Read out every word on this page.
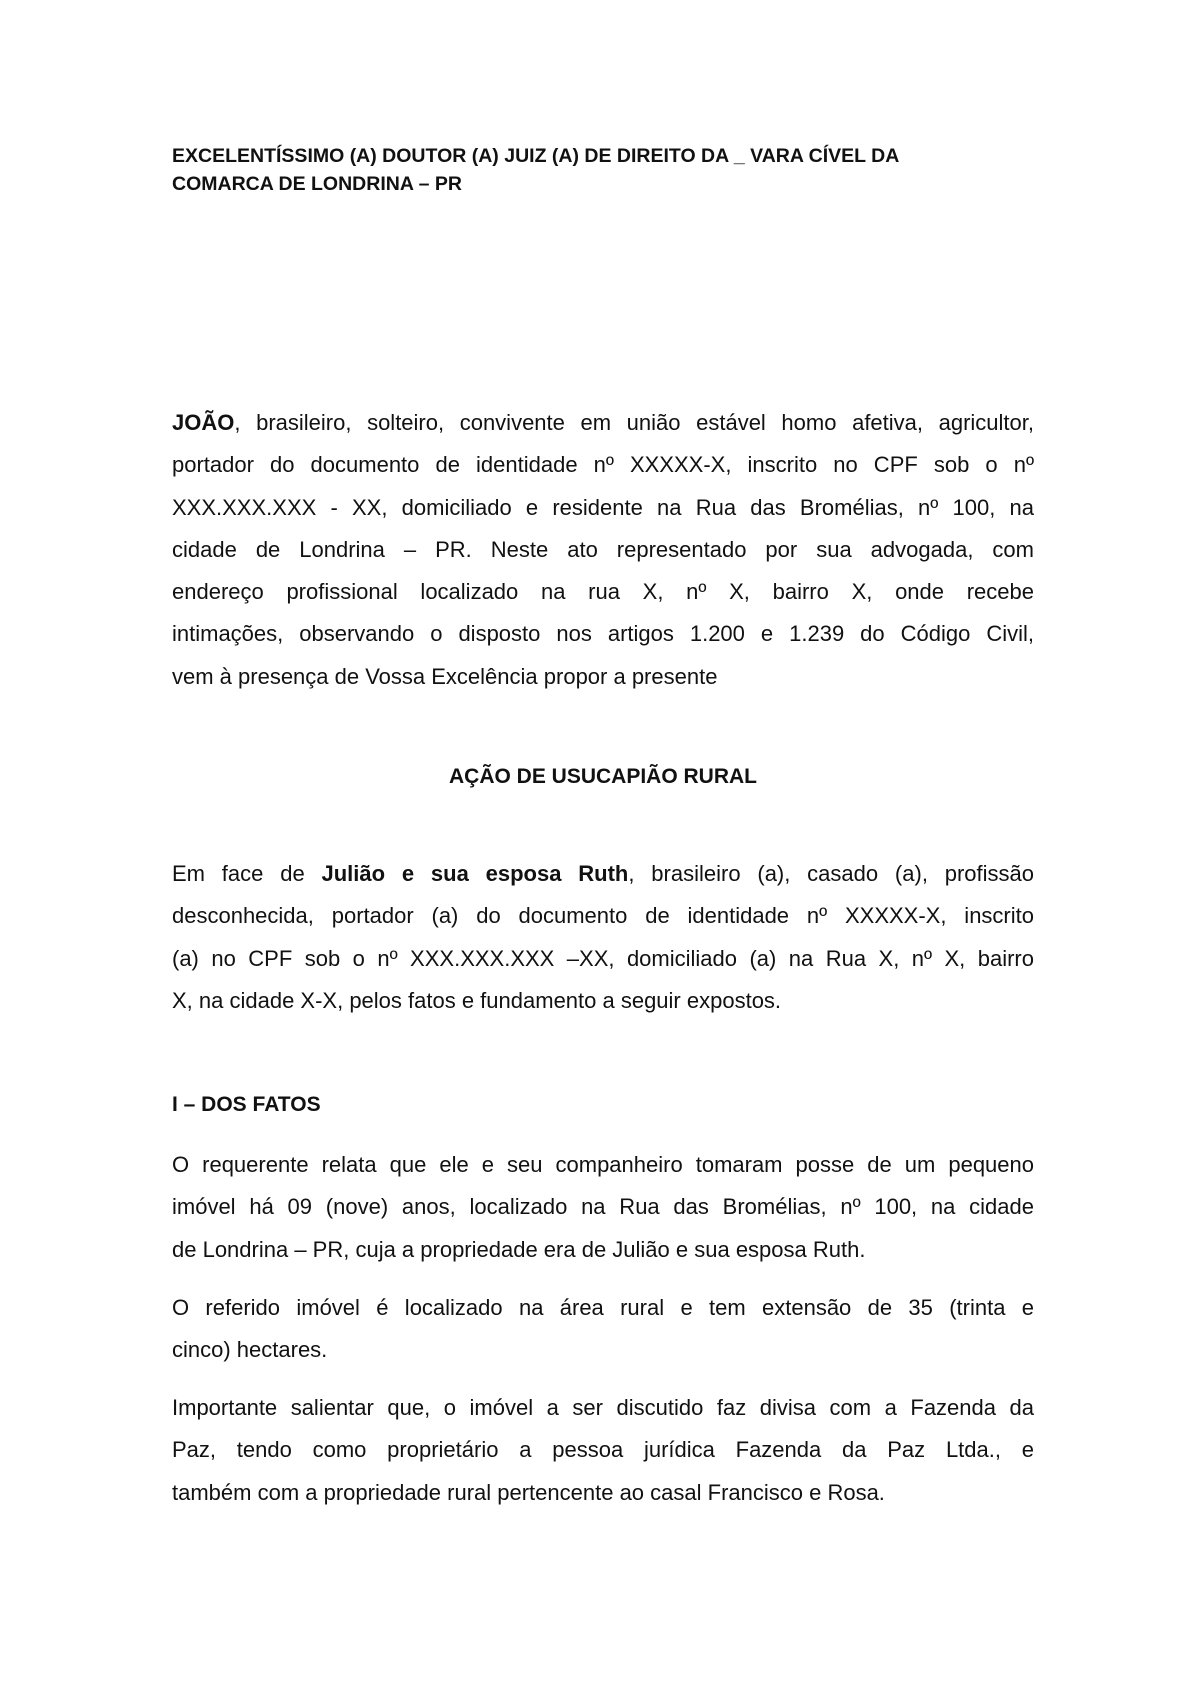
EXCELENTÍSSIMO (A) DOUTOR (A) JUIZ (A) DE DIREITO DA _ VARA CÍVEL DA
COMARCA DE LONDRINA – PR
JOÃO, brasileiro, solteiro, convivente em união estável homo afetiva, agricultor,
portador do documento de identidade nº XXXXX-X, inscrito no CPF sob o nº
XXX.XXX.XXX - XX, domiciliado e residente na Rua das Bromélias, nº 100, na
cidade de Londrina – PR. Neste ato representado por sua advogada, com
endereço profissional localizado na rua X, nº X, bairro X, onde recebe
intimações, observando o disposto nos artigos 1.200 e 1.239 do Código Civil,
vem à presença de Vossa Excelência propor a presente
AÇÃO DE USUCAPIÃO RURAL
Em face de Julião e sua esposa Ruth, brasileiro (a), casado (a), profissão
desconhecida, portador (a) do documento de identidade nº XXXXX-X, inscrito
(a) no CPF sob o nº XXX.XXX.XXX –XX, domiciliado (a) na Rua X, nº X, bairro
X, na cidade X-X, pelos fatos e fundamento a seguir expostos.
I – DOS FATOS
O requerente relata que ele e seu companheiro tomaram posse de um pequeno
imóvel há 09 (nove) anos, localizado na Rua das Bromélias, nº 100, na cidade
de Londrina – PR, cuja a propriedade era de Julião e sua esposa Ruth.
O referido imóvel é localizado na área rural e tem extensão de 35 (trinta e
cinco) hectares.
Importante salientar que, o imóvel a ser discutido faz divisa com a Fazenda da
Paz, tendo como proprietário a pessoa jurídica Fazenda da Paz Ltda., e
também com a propriedade rural pertencente ao casal Francisco e Rosa.
